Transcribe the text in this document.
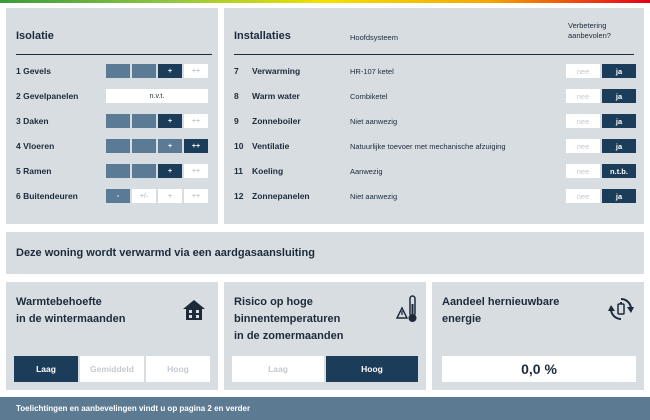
Isolatie
1 Gevels	+	++
2 Gevelpanelen	n.v.t.
3 Daken	+	++
4 Vloeren	+	++
5 Ramen	+	++
6 Buitendeuren	-	+/-	+	++
Installaties	Hoofdsysteem
Verbetering
aanbevolen?
7 Verwarming	HR-107 ketel	nee	ja
8 Warm water	Combiketel	nee	ja
9 Zonneboiler	Niet aanwezig	nee	ja
10 Ventilatie	Natuurlijke toevoer met mechanische afzuiging	nee	ja
11 Koeling	Aanwezig	nee	n.t.b.
12 Zonnepanelen	Niet aanwezig	nee	ja
Deze woning wordt verwarmd via een aardgasaansluiting
Warmtebehoefte
in de wintermaanden
Laag	Gemiddeld	Hoog
Risico op hoge
binnentemperaturen
in de zomermaanden
Laag	Hoog
Aandeel hernieuwbare
energie
0,0 %
Toelichtingen en aanbevelingen vindt u op pagina 2 en verder
